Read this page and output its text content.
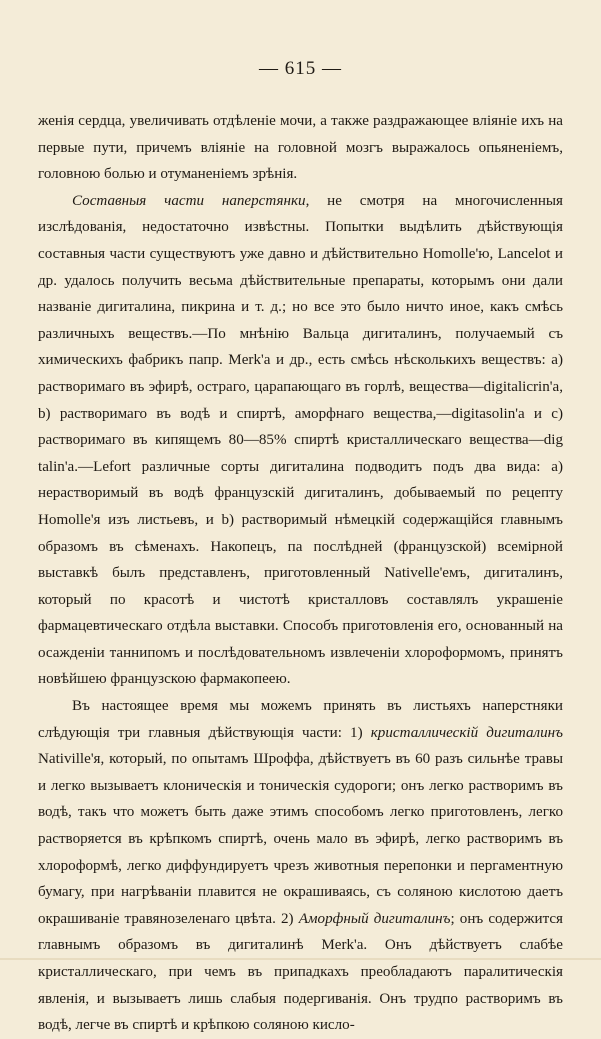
— 615 —

женія сердца, увеличивать отдѣленіе мочи, а также раздражающее вліяніе ихъ на первые пути, причемъ вліяніе на головной мозгъ выражалось опьяненіемъ, головною болью и отуманеніемъ зрѣнія.

Составныя части наперстянки, не смотря на многочисленныя изслѣдованія, недостаточно извѣстны. Попытки выдѣлить дѣйствующія составныя части существуютъ уже давно и дѣйствительно Homolle'ю, Lancelot и др. удалось получить весьма дѣйствительные препараты, которымъ они дали названіе дигиталина, пикрина и т. д.; но все это было ничто иное, какъ смѣсь различныхъ веществъ.—По мнѣнію Вальца дигиталинъ, получаемый съ химическихъ фабрикъ папр. Merk'a и др., есть смѣсь нѣсколькихъ веществъ: а) растворимаго въ эфирѣ, остраго, царапающаго въ горлѣ, вещества—digitalicrin'a, b) растворимаго въ водѣ и спиртѣ, аморфнаго вещества,—digitasolin'a и с) растворимаго въ кипящемъ 80—85% спиртѣ кристаллическаго вещества—dig talin'a.—Lefort различные сорты дигиталина подводитъ подъ два вида: а) нерастворимый въ водѣ французскій дигиталинъ, добываемый по рецепту Homolle'я изъ листьевъ, и b) растворимый нѣмецкій содержащійся главнымъ образомъ въ сѣменахъ. Накопецъ, па послѣдней (французской) всемірной выставкѣ былъ представленъ, приготовленный Nativelle'емъ, дигиталинъ, который по красотѣ и чистотѣ кристалловъ составлялъ украшеніе фармацевтическаго отдѣла выставки. Способъ приготовленія его, основанный на осажденіи таннипомъ и послѣдовательномъ извлеченіи хлороформомъ, принятъ новѣйшею французскою фармакопеею.

Въ настоящее время мы можемъ принять въ листьяхъ наперстняки слѣдующія три главныя дѣйствующія части: 1) кристаллическій дигиталинъ Nativille'я, который, по опытамъ Шроффа, дѣйствуетъ въ 60 разъ сильнѣе травы и легко вызываетъ клоническія и тоническія судороги; онъ легко растворимъ въ водѣ, такъ что можетъ быть даже этимъ способомъ легко приготовленъ, легко растворяется въ крѣпкомъ спиртѣ, очень мало въ эфирѣ, легко растворимъ въ хлороформѣ, легко диффундируетъ чрезъ животныя перепонки и пергаментную бумагу, при нагрѣваніи плавится не окрашиваясь, съ соляною кислотою даетъ окрашиваніе травянозеленаго цвѣта. 2) Аморфный дигиталинъ; онъ содержится главнымъ образомъ въ дигиталинѣ Merk'a. Онъ дѣйствуетъ слабѣе кристаллическаго, при чемъ въ припадкахъ преобладаютъ паралитическія явленія, и вызываетъ лишь слабыя подергиванія. Онъ трудпо растворимъ въ водѣ, легче въ спиртѣ и крѣпкою соляною кисло-
